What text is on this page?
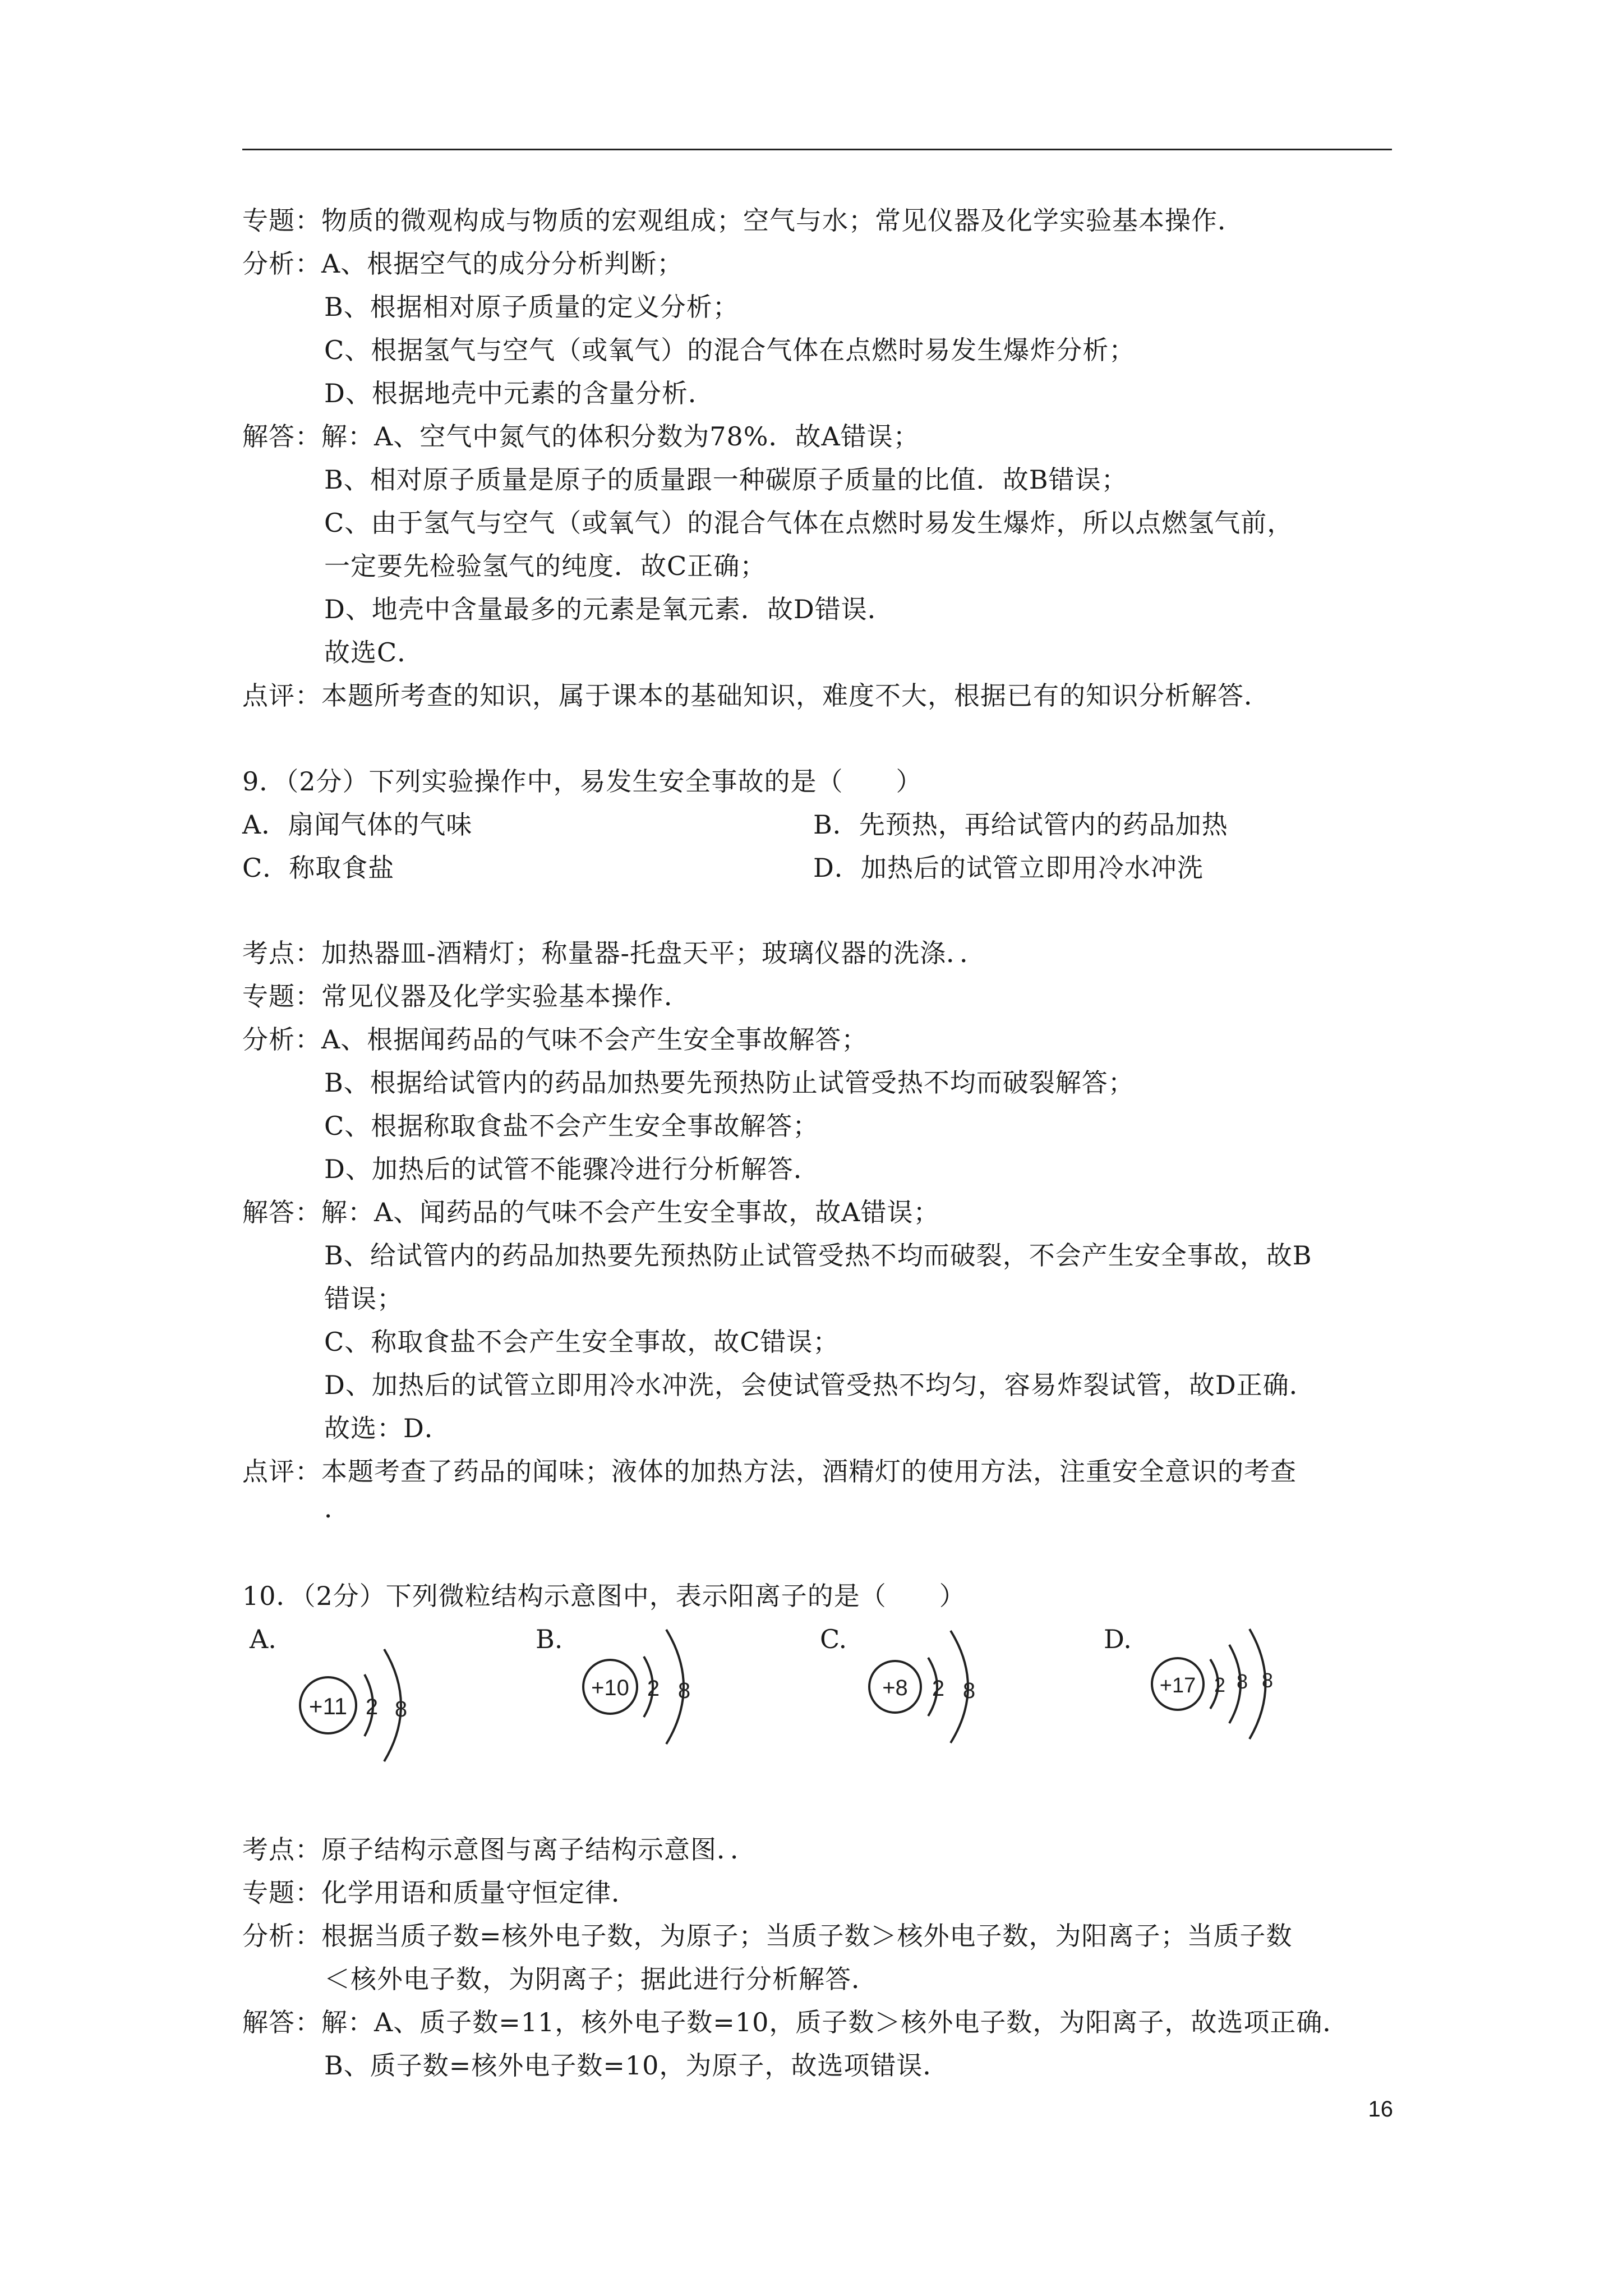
专题：物质的微观构成与物质的宏观组成；空气与水；常见仪器及化学实验基本操作．
分析：A、根据空气的成分分析判断；
B、根据相对原子质量的定义分析；
C、根据氢气与空气（或氧气）的混合气体在点燃时易发生爆炸分析；
D、根据地壳中元素的含量分析．
解答：解：A、空气中氮气的体积分数为78%．故A错误；
B、相对原子质量是原子的质量跟一种碳原子质量的比值．故B错误；
C、由于氢气与空气（或氧气）的混合气体在点燃时易发生爆炸，所以点燃氢气前，
一定要先检验氢气的纯度．故C正确；
D、地壳中含量最多的元素是氧元素．故D错误．
故选C．
点评：本题所考查的知识，属于课本的基础知识，难度不大，根据已有的知识分析解答．
9．（2分）下列实验操作中，易发生安全事故的是（　　）
A．扇闻气体的气味	B．先预热，再给试管内的药品加热
C．称取食盐	D．加热后的试管立即用冷水冲洗
考点：加热器皿-酒精灯；称量器-托盘天平；玻璃仪器的洗涤．．
专题：常见仪器及化学实验基本操作．
分析：A、根据闻药品的气味不会产生安全事故解答；
B、根据给试管内的药品加热要先预热防止试管受热不均而破裂解答；
C、根据称取食盐不会产生安全事故解答；
D、加热后的试管不能骤冷进行分析解答．
解答：解：A、闻药品的气味不会产生安全事故，故A错误；
B、给试管内的药品加热要先预热防止试管受热不均而破裂，不会产生安全事故，故B
错误；
C、称取食盐不会产生安全事故，故C错误；
D、加热后的试管立即用冷水冲洗，会使试管受热不均匀，容易炸裂试管，故D正确．
故选：D．
点评：本题考查了药品的闻味；液体的加热方法，酒精灯的使用方法，注重安全意识的考查
．
10．（2分）下列微粒结构示意图中，表示阳离子的是（　　）
A.
+11 2 8
B.
+10 2 8
C.
+8 2 8
D.
+17 2 8 8
考点：原子结构示意图与离子结构示意图．．
专题：化学用语和质量守恒定律．
分析：根据当质子数=核外电子数，为原子；当质子数＞核外电子数，为阳离子；当质子数
＜核外电子数，为阴离子；据此进行分析解答．
解答：解：A、质子数=11，核外电子数=10，质子数＞核外电子数，为阳离子，故选项正确．
B、质子数=核外电子数=10，为原子，故选项错误．
16
